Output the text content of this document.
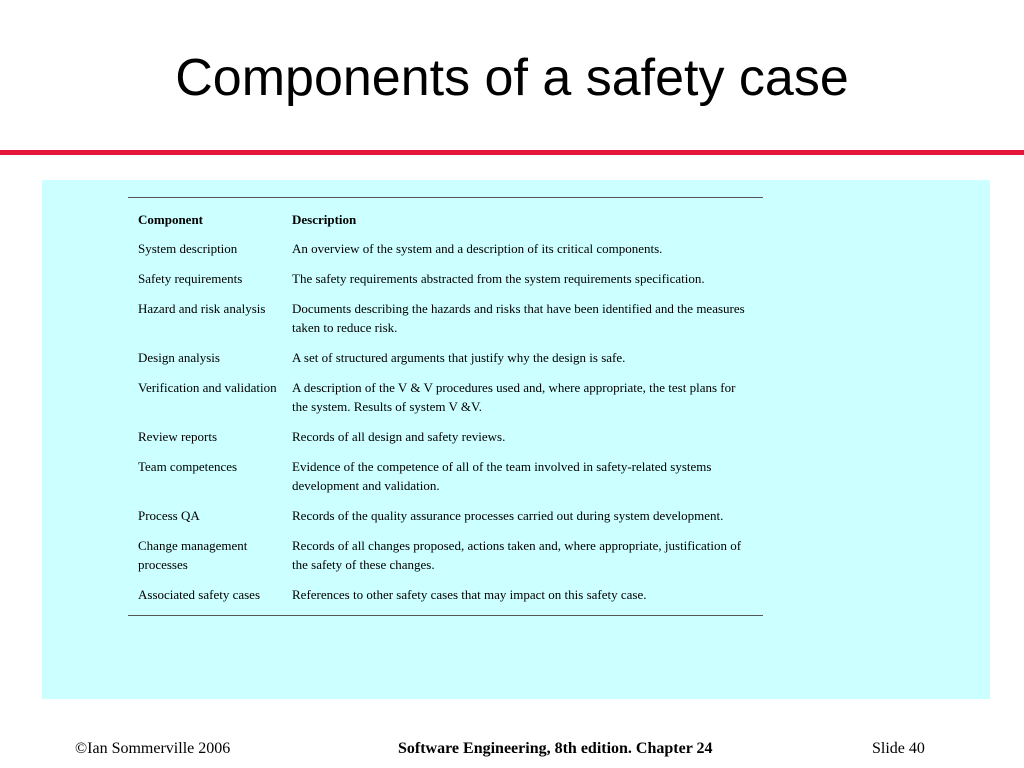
Components of a safety case
Component	Description
System description	An overview of the system and a description of its critical components.
Safety requirements	The safety requirements abstracted from the system requirements specification.
Hazard and risk analysis	Documents describing the hazards and risks that have been identified and the measures taken to reduce risk.
Design analysis	A set of structured arguments that justify why the design is safe.
Verification and validation	A description of the V & V procedures used and, where appropriate, the test plans for the system. Results of system V &V.
Review reports	Records of all design and safety reviews.
Team competences	Evidence of the competence of all of the team involved in safety-related systems development and validation.
Process QA	Records of the quality assurance processes carried out during system development.
Change management processes	Records of all changes proposed, actions taken and, where appropriate, justification of the safety of these changes.
Associated safety cases	References to other safety cases that may impact on this safety case.
©Ian Sommerville 2006	Software Engineering, 8th edition. Chapter 24	Slide 40
